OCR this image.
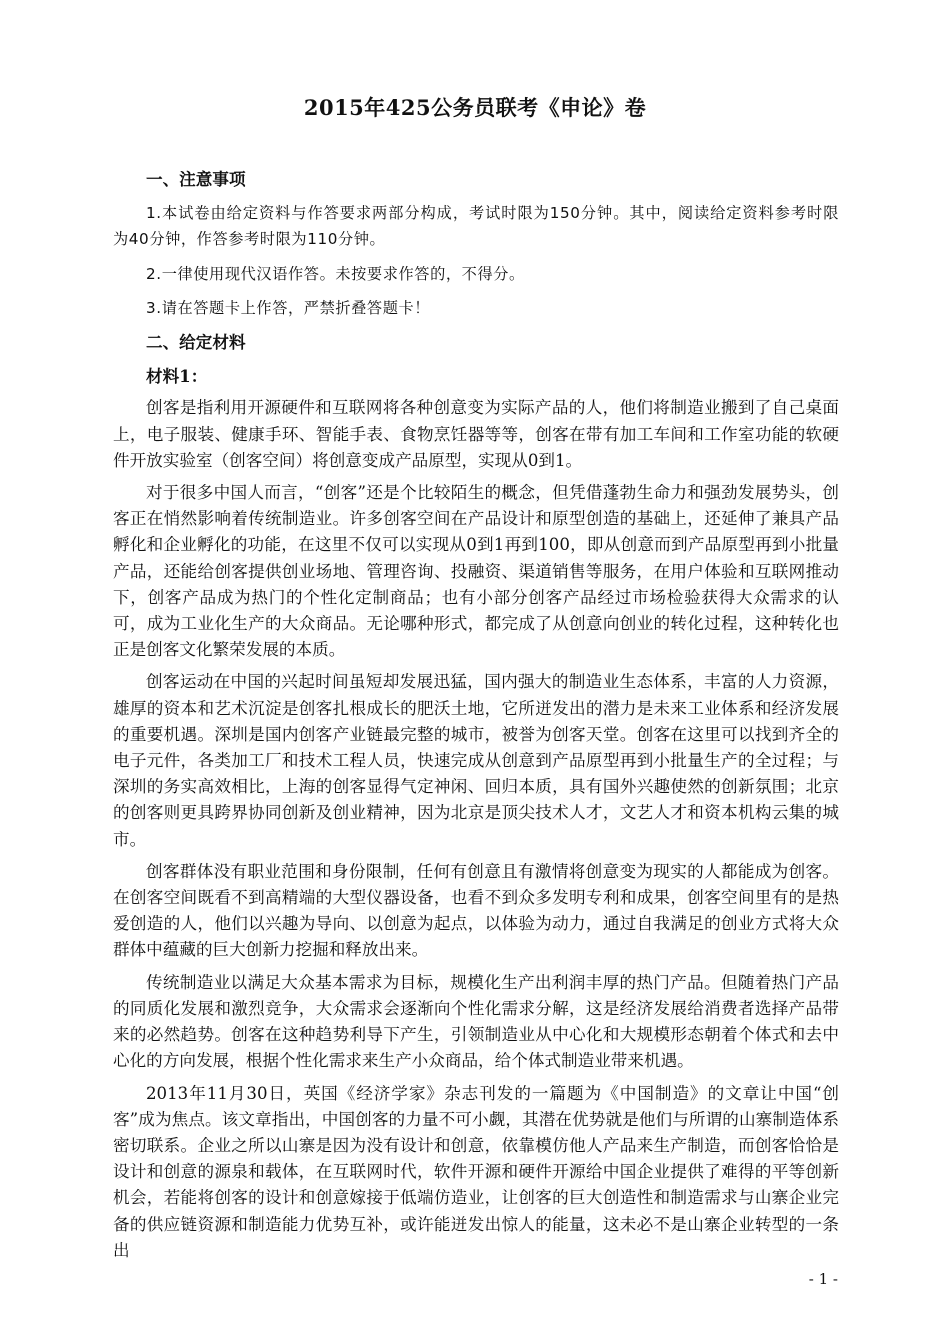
2015年425公务员联考《申论》卷

一、注意事项

1.本试卷由给定资料与作答要求两部分构成，考试时限为150分钟。其中，阅读给定资料参考时限为40分钟，作答参考时限为110分钟。

2.一律使用现代汉语作答。未按要求作答的，不得分。

3.请在答题卡上作答，严禁折叠答题卡！

二、给定材料

材料1：

创客是指利用开源硬件和互联网将各种创意变为实际产品的人，他们将制造业搬到了自己桌面上，电子服装、健康手环、智能手表、食物烹饪器等等，创客在带有加工车间和工作室功能的软硬件开放实验室（创客空间）将创意变成产品原型，实现从0到1。

对于很多中国人而言，“创客”还是个比较陌生的概念，但凭借蓬勃生命力和强劲发展势头，创客正在悄然影响着传统制造业。许多创客空间在产品设计和原型创造的基础上，还延伸了兼具产品孵化和企业孵化的功能，在这里不仅可以实现从0到1再到100，即从创意而到产品原型再到小批量产品，还能给创客提供创业场地、管理咨询、投融资、渠道销售等服务，在用户体验和互联网推动下，创客产品成为热门的个性化定制商品；也有小部分创客产品经过市场检验获得大众需求的认可，成为工业化生产的大众商品。无论哪种形式，都完成了从创意向创业的转化过程，这种转化也正是创客文化繁荣发展的本质。

创客运动在中国的兴起时间虽短却发展迅猛，国内强大的制造业生态体系，丰富的人力资源，雄厚的资本和艺术沉淀是创客扎根成长的肥沃土地，它所迸发出的潜力是未来工业体系和经济发展的重要机遇。深圳是国内创客产业链最完整的城市，被誉为创客天堂。创客在这里可以找到齐全的电子元件，各类加工厂和技术工程人员，快速完成从创意到产品原型再到小批量生产的全过程；与深圳的务实高效相比，上海的创客显得气定神闲、回归本质，具有国外兴趣使然的创新氛围；北京的创客则更具跨界协同创新及创业精神，因为北京是顶尖技术人才，文艺人才和资本机构云集的城市。

创客群体没有职业范围和身份限制，任何有创意且有激情将创意变为现实的人都能成为创客。在创客空间既看不到高精端的大型仪器设备，也看不到众多发明专利和成果，创客空间里有的是热爱创造的人，他们以兴趣为导向、以创意为起点，以体验为动力，通过自我满足的创业方式将大众群体中蕴藏的巨大创新力挖掘和释放出来。

传统制造业以满足大众基本需求为目标，规模化生产出利润丰厚的热门产品。但随着热门产品的同质化发展和激烈竞争，大众需求会逐渐向个性化需求分解，这是经济发展给消费者选择产品带来的必然趋势。创客在这种趋势利导下产生，引领制造业从中心化和大规模形态朝着个体式和去中心化的方向发展，根据个性化需求来生产小众商品，给个体式制造业带来机遇。

2013年11月30日，英国《经济学家》杂志刊发的一篇题为《中国制造》的文章让中国“创客”成为焦点。该文章指出，中国创客的力量不可小觑，其潜在优势就是他们与所谓的山寨制造体系密切联系。企业之所以山寨是因为没有设计和创意，依靠模仿他人产品来生产制造，而创客恰恰是设计和创意的源泉和载体，在互联网时代，软件开源和硬件开源给中国企业提供了难得的平等创新机会，若能将创客的设计和创意嫁接于低端仿造业，让创客的巨大创造性和制造需求与山寨企业完备的供应链资源和制造能力优势互补，或许能迸发出惊人的能量，这未必不是山寨企业转型的一条出

- 1 -
